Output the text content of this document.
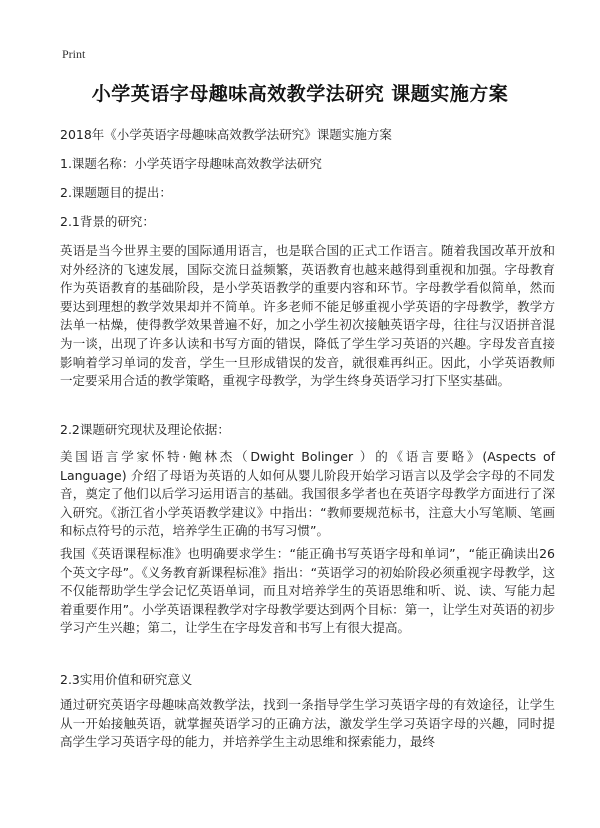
Print
小学英语字母趣味高效教学法研究 课题实施方案
2018年《小学英语字母趣味高效教学法研究》课题实施方案
1.课题名称：小学英语字母趣味高效教学法研究
2.课题题目的提出：
2.1背景的研究：

英语是当今世界主要的国际通用语言，也是联合国的正式工作语言。随着我国改革开放和对外经济的飞速发展，国际交流日益频繁，英语教育也越来越得到重视和加强。字母教育作为英语教育的基础阶段，是小学英语教学的重要内容和环节。字母教学看似简单，然而要达到理想的教学效果却并不简单。许多老师不能足够重视小学英语的字母教学，教学方法单一枯燥，使得教学效果普遍不好，加之小学生初次接触英语字母，往往与汉语拼音混为一谈，出现了许多认读和书写方面的错误，降低了学生学习英语的兴趣。字母发音直接影响着学习单词的发音，学生一旦形成错误的发音，就很难再纠正。因此，小学英语教师一定要采用合适的教学策略，重视字母教学，为学生终身英语学习打下坚实基础。

2.2课题研究现状及理论依据：

美国语言学家怀特·鲍林杰（Dwight Bolinger ）的《语言要略》(Aspects of Language) 介绍了母语为英语的人如何从婴儿阶段开始学习语言以及学会字母的不同发音，奠定了他们以后学习运用语言的基础。我国很多学者也在英语字母教学方面进行了深入研究。《浙江省小学英语教学建议》中指出：“教师要规范标书，注意大小写笔顺、笔画和标点符号的示范，培养学生正确的书写习惯”。

我国《英语课程标准》也明确要求学生：“能正确书写英语字母和单词”，“能正确读出26个英文字母”。《义务教育新课程标准》指出：“英语学习的初始阶段必须重视字母教学，这不仅能帮助学生学会记忆英语单词，而且对培养学生的英语思维和听、说、读、写能力起着重要作用”。小学英语课程教学对字母教学要达到两个目标：第一，让学生对英语的初步学习产生兴趣；第二，让学生在字母发音和书写上有很大提高。

2.3实用价值和研究意义

通过研究英语字母趣味高效教学法，找到一条指导学生学习英语字母的有效途径，让学生从一开始接触英语，就掌握英语学习的正确方法，激发学生学习英语字母的兴趣，同时提高学生学习英语字母的能力，并培养学生主动思维和探索能力，最终
